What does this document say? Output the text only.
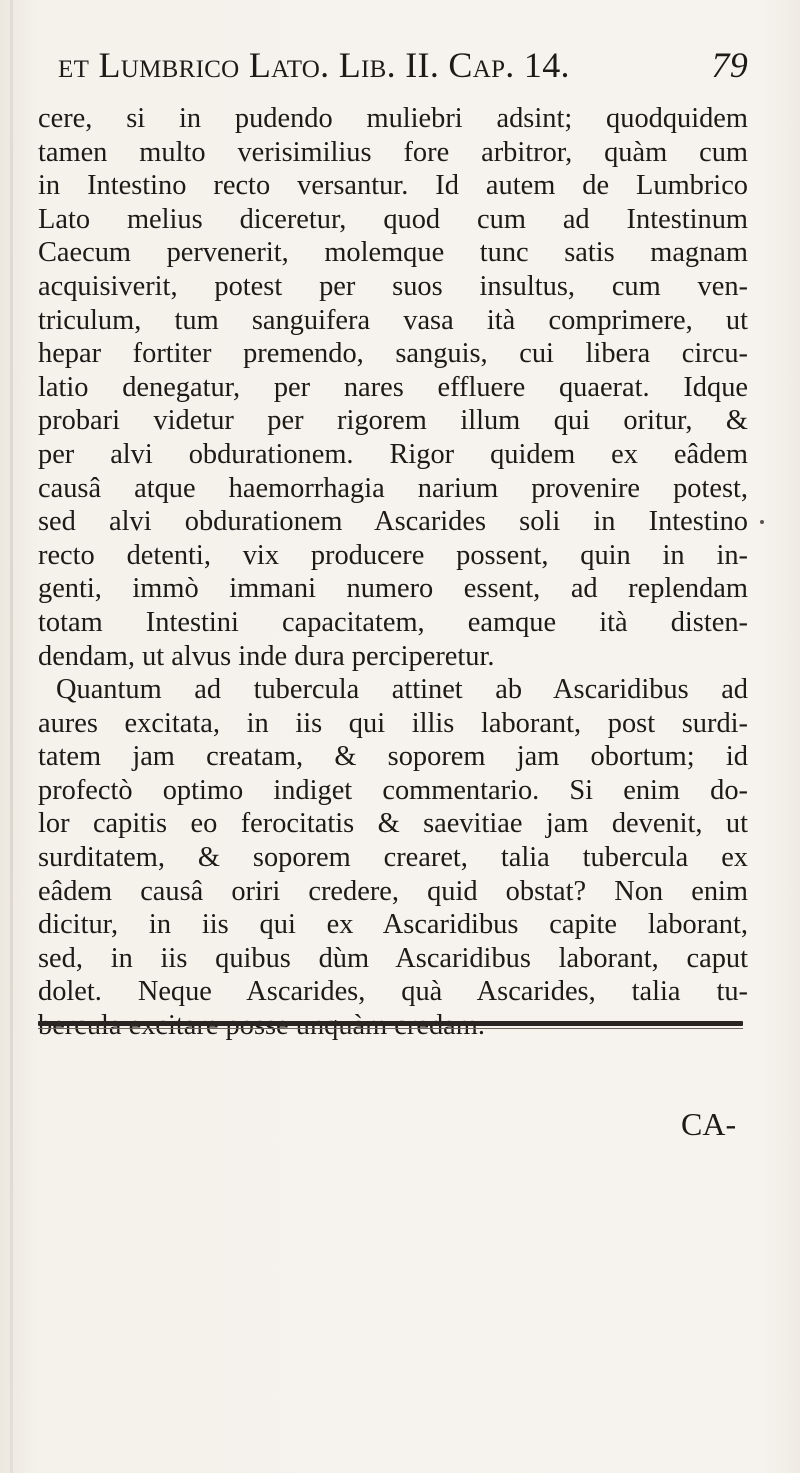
et Lumbrico Lato. Lib. II. Cap. 14.	79
cere, si in pudendo muliebri adsint; quodquidem
tamen multo verisimilius fore arbitror, quàm cum
in Intestino recto versantur. Id autem de Lumbrico
Lato melius diceretur, quod cum ad Intestinum
Caecum pervenerit, molemque tunc satis magnam
acquisiverit, potest per suos insultus, cum ven-
triculum, tum sanguifera vasa ità comprimere, ut
hepar fortiter premendo, sanguis, cui libera circu-
latio denegatur, per nares effluere quaerat. Idque
probari videtur per rigorem illum qui oritur, &
per alvi obdurationem. Rigor quidem ex eâdem
causâ atque haemorrhagia narium provenire potest,
sed alvi obdurationem Ascarides soli in Intestino
recto detenti, vix producere possent, quin in in-
genti, immò immani numero essent, ad replendam
totam Intestini capacitatem, eamque ità disten-
dendam, ut alvus inde dura perciperetur.
Quantum ad tubercula attinet ab Ascaridibus ad
aures excitata, in iis qui illis laborant, post surdi-
tatem jam creatam, & soporem jam obortum; id
profectò optimo indiget commentario. Si enim do-
lor capitis eo ferocitatis & saevitiae jam devenit, ut
surditatem, & soporem crearet, talia tubercula ex
eâdem causâ oriri credere, quid obstat? Non enim
dicitur, in iis qui ex Ascaridibus capite laborant,
sed, in iis quibus dùm Ascaridibus laborant, caput
dolet. Neque Ascarides, quà Ascarides, talia tu-
CA-
